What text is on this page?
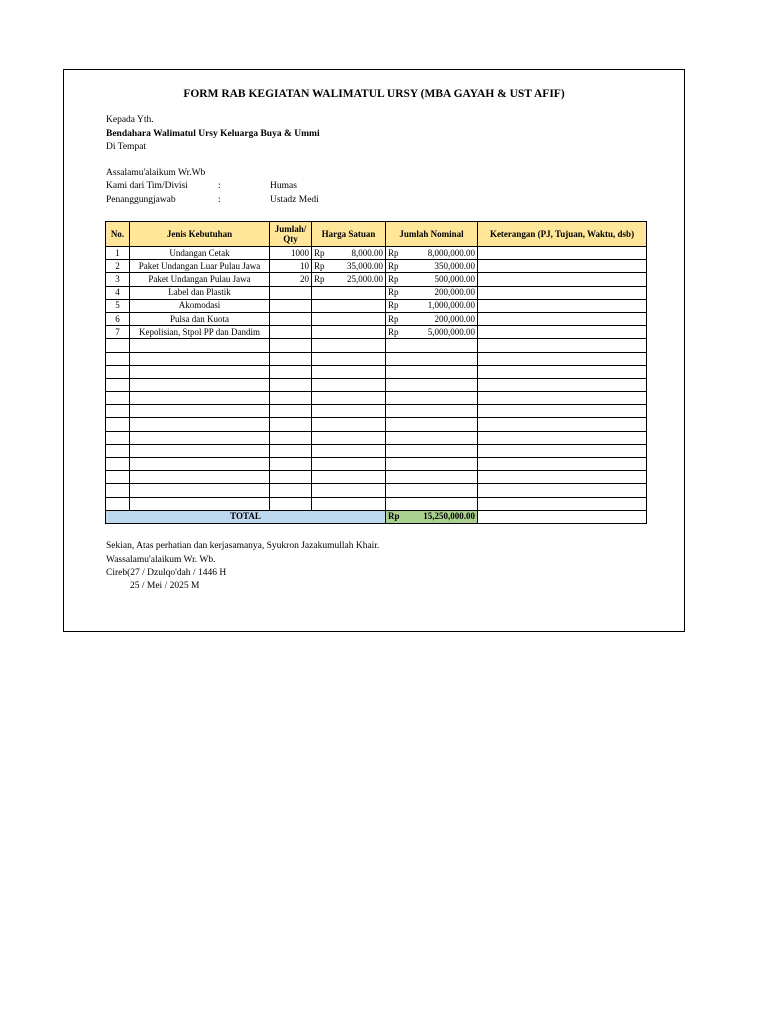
FORM RAB KEGIATAN WALIMATUL URSY (MBA GAYAH & UST AFIF)
Kepada Yth.
Bendahara Walimatul Ursy Keluarga Buya & Ummi
Di Tempat
Assalamu'alaikum Wr.Wb
Kami dari Tim/Divisi	:	Humas
Penanggungjawab	:	Ustadz Medi
No.	Jenis Kebutuhan	Jumlah/ Qty	Harga Satuan	Jumlah Nominal	Keterangan (PJ, Tujuan, Waktu, dsb)
1	Undangan Cetak	1000	Rp 8,000.00	Rp 8,000,000.00	

2	Paket Undangan Luar Pulau Jawa	10	Rp 35,000.00	Rp 350,000.00	

3	Paket Undangan Pulau Jawa	20	Rp 25,000.00	Rp 500,000.00	

4	Label dan Plastik			Rp 200,000.00	

5	Akomodasi			Rp 1,000,000.00	

6	Pulsa dan Kuota			Rp 200,000.00	

7	Kepolisian, Stpol PP dan Dandim			Rp 5,000,000.00	

TOTAL				Rp 15,250,000.00	

Sekian, Atas perhatian dan kerjasamanya, Syukron Jazakumullah Khair.
Wassalamu'alaikum Wr. Wb.
Cireb(27 / Dzulqo'dah / 1446 H
25 / Mei / 2025 M
